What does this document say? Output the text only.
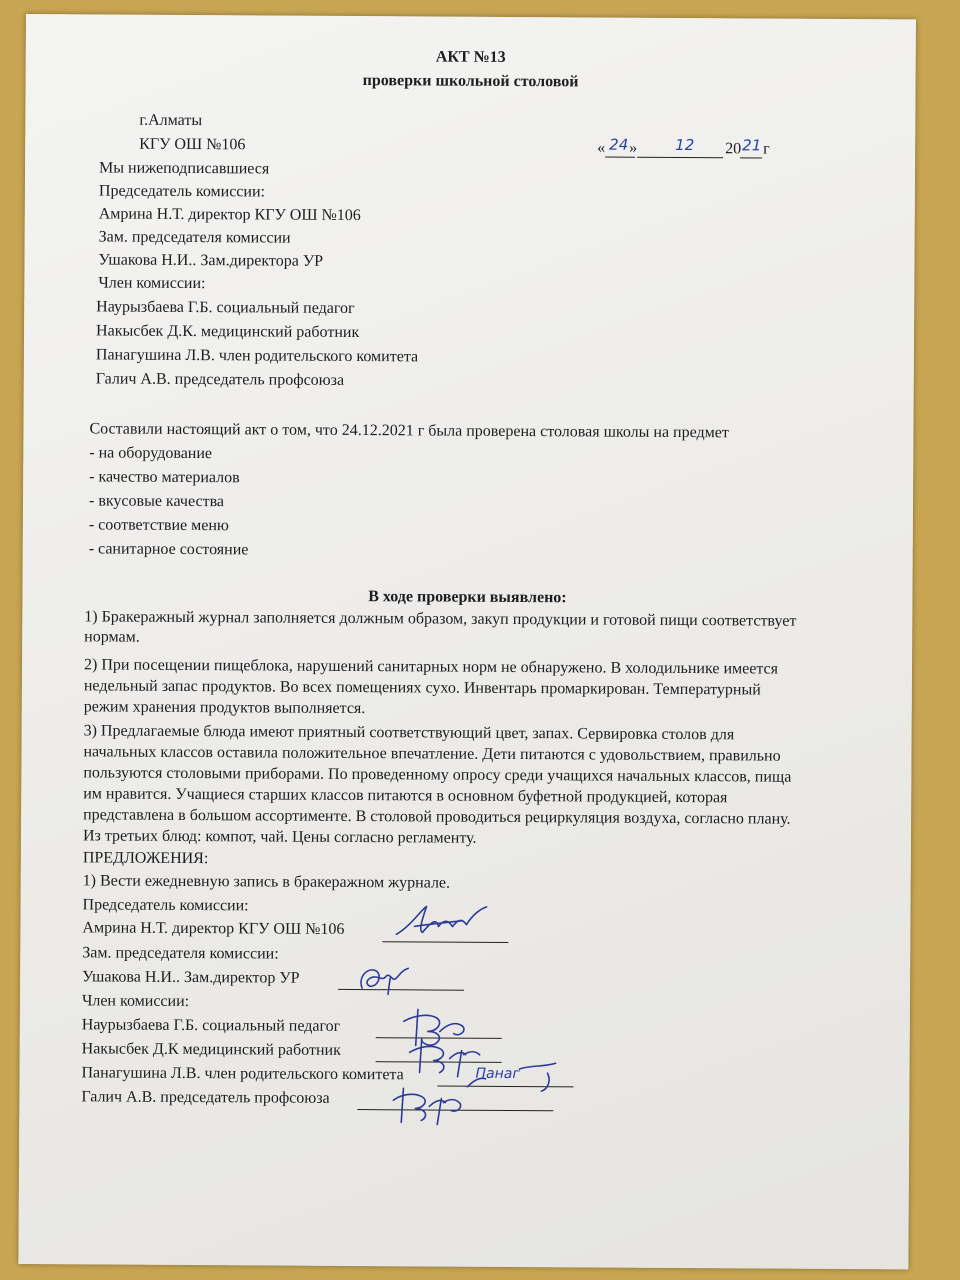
АКТ №13
проверки школьной столовой
г.Алматы
КГУ ОШ №106	« 24 »	12 20 21 г
Мы нижеподписавшиеся
Председатель комиссии:
Амрина Н.Т. директор КГУ ОШ №106
Зам. председателя комиссии
Ушакова Н.И.. Зам.директора УР
Член комиссии:
Наурызбаева Г.Б. социальный педагог
Накысбек Д.К. медицинский работник
Панагушина Л.В. член родительского комитета
Галич А.В. председатель профсоюза
Составили настоящий акт о том, что 24.12.2021 г была проверена столовая школы на предмет
- на оборудование
- качество материалов
- вкусовые качества
- соответствие меню
- санитарное состояние
В ходе проверки выявлено:
1) Бракеражный журнал заполняется должным образом, закуп продукции и готовой пищи соответствует
нормам.
2) При посещении пищеблока, нарушений санитарных норм не обнаружено. В холодильнике имеется
недельный запас продуктов. Во всех помещениях сухо. Инвентарь промаркирован. Температурный
режим хранения продуктов выполняется.
3) Предлагаемые блюда имеют приятный соответствующий цвет, запах. Сервировка столов для
начальных классов оставила положительное впечатление. Дети питаются с удовольствием, правильно
пользуются столовыми приборами. По проведенному опросу среди учащихся начальных классов, пища
им нравится. Учащиеся старших классов питаются в основном буфетной продукцией, которая
представлена в большом ассортименте. В столовой проводиться рециркуляция воздуха, согласно плану.
Из третьих блюд: компот, чай. Цены согласно регламенту.
ПРЕДЛОЖЕНИЯ:
1) Вести ежедневную запись в бракеражном журнале.
Председатель комиссии:
Амрина Н.Т. директор КГУ ОШ №106
Зам. председателя комиссии:
Ушакова Н.И.. Зам.директор УР
Член комиссии:
Наурызбаева Г.Б. социальный педагог
Накысбек Д.К медицинский работник
Панагушина Л.В. член родительского комитета	Панаг
Галич А.В. председатель профсоюза
